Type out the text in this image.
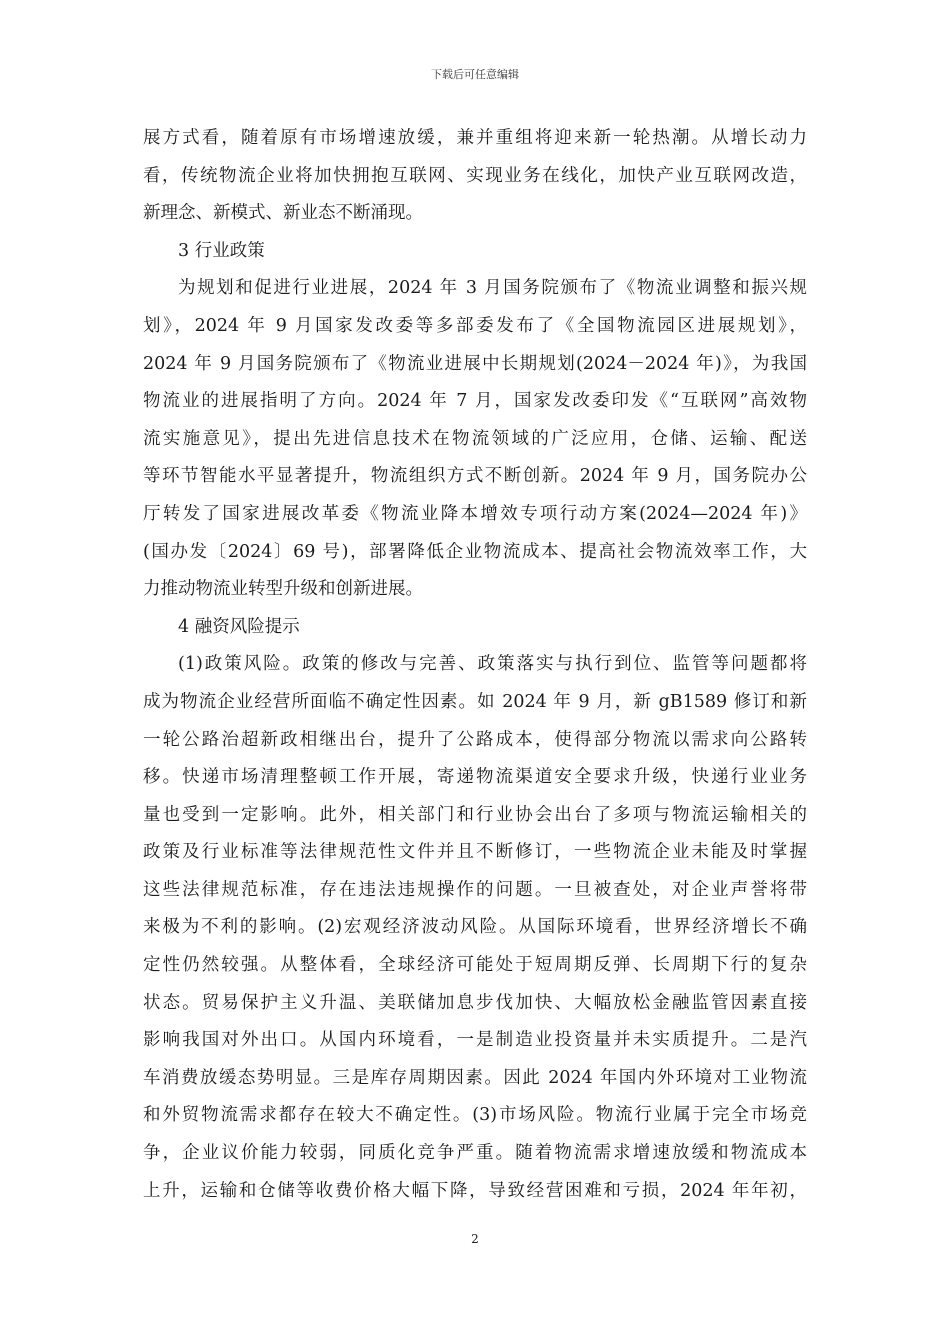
下载后可任意编辑
展方式看，随着原有市场增速放缓，兼并重组将迎来新一轮热潮。从增长动力
看，传统物流企业将加快拥抱互联网、实现业务在线化，加快产业互联网改造，
新理念、新模式、新业态不断涌现。
3 行业政策
为规划和促进行业进展，2024 年 3 月国务院颁布了《物流业调整和振兴规
划》，2024 年 9 月国家发改委等多部委发布了《全国物流园区进展规划》，
2024 年 9 月国务院颁布了《物流业进展中长期规划(2024－2024 年)》，为我国
物流业的进展指明了方向。2024 年 7 月，国家发改委印发《“互联网”高效物
流实施意见》，提出先进信息技术在物流领域的广泛应用，仓储、运输、配送
等环节智能水平显著提升，物流组织方式不断创新。2024 年 9 月，国务院办公
厅转发了国家进展改革委《物流业降本增效专项行动方案(2024—2024 年)》
(国办发〔2024〕69 号)，部署降低企业物流成本、提高社会物流效率工作，大
力推动物流业转型升级和创新进展。
4 融资风险提示
(1)政策风险。政策的修改与完善、政策落实与执行到位、监管等问题都将
成为物流企业经营所面临不确定性因素。如 2024 年 9 月，新 gB1589 修订和新
一轮公路治超新政相继出台，提升了公路成本，使得部分物流以需求向公路转
移。快递市场清理整顿工作开展，寄递物流渠道安全要求升级，快递行业业务
量也受到一定影响。此外，相关部门和行业协会出台了多项与物流运输相关的
政策及行业标准等法律规范性文件并且不断修订，一些物流企业未能及时掌握
这些法律规范标准，存在违法违规操作的问题。一旦被查处，对企业声誉将带
来极为不利的影响。(2)宏观经济波动风险。从国际环境看，世界经济增长不确
定性仍然较强。从整体看，全球经济可能处于短周期反弹、长周期下行的复杂
状态。贸易保护主义升温、美联储加息步伐加快、大幅放松金融监管因素直接
影响我国对外出口。从国内环境看，一是制造业投资量并未实质提升。二是汽
车消费放缓态势明显。三是库存周期因素。因此 2024 年国内外环境对工业物流
和外贸物流需求都存在较大不确定性。(3)市场风险。物流行业属于完全市场竞
争，企业议价能力较弱，同质化竞争严重。随着物流需求增速放缓和物流成本
上升，运输和仓储等收费价格大幅下降，导致经营困难和亏损，2024 年年初，
2
